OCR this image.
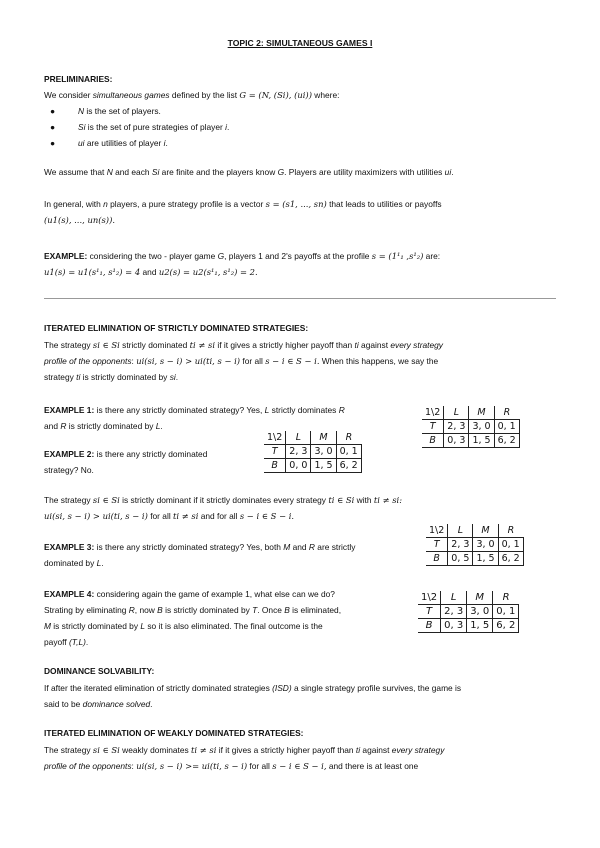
TOPIC 2: SIMULTANEOUS GAMES I
PRELIMINARIES:
We consider simultaneous games defined by the list G = (N, (Si), (ui)) where:
●	N is the set of players.
●	Si is the set of pure strategies of player i.
●	ui are utilities of player i.
We assume that N and each Si are finite and the players know G. Players are utility maximizers with utilities ui.
In general, with n players, a pure strategy profile is a vector s = (s1, ..., sn) that leads to utilities or payoffs
(u1(s), ..., un(s)).
EXAMPLE: considering the two - player game G, players 1 and 2's payoffs at the profile s = (1¹₁ ,s¹₂) are:
u1(s) = u1(s¹₁, s¹₂) = 4 and u2(s) = u2(s¹₁, s¹₂) = 2.
ITERATED ELIMINATION OF STRICTLY DOMINATED STRATEGIES:
The strategy si ∈ Si strictly dominated ti ≠ si if it gives a strictly higher payoff than ti against every strategy
profile of the opponents: ui(si, s − i) > ui(ti, s − i) for all s − i ∈ S − i. When this happens, we say the
strategy ti is strictly dominated by si.
EXAMPLE 1: is there any strictly dominated strategy? Yes, L strictly dominates R
and R is strictly dominated by L.
EXAMPLE 2: is there any strictly dominated
strategy? No.
The strategy si ∈ Si is strictly dominant if it strictly dominates every strategy ti ∈ Si with ti ≠ si:
ui(si, s − i) > ui(ti, s − i) for all ti ≠ si and for all s − i ∈ S − i.
EXAMPLE 3: is there any strictly dominated strategy? Yes, both M and R are strictly
dominated by L.
EXAMPLE 4: considering again the game of example 1, what else can we do?
Strating by eliminating R, now B is strictly dominated by T. Once B is eliminated,
M is strictly dominated by L so it is also eliminated. The final outcome is the
payoff (T,L).
DOMINANCE SOLVABILITY:
If after the iterated elimination of strictly dominated strategies (ISD) a single strategy profile survives, the game is
said to be dominance solved.
ITERATED ELIMINATION OF WEAKLY DOMINATED STRATEGIES:
The strategy si ∈ Si weakly dominates ti ≠ si if it gives a strictly higher payoff than ti against every strategy
profile of the opponents: ui(si, s − i) >= ui(ti, s − i) for all s − i ∈ S − i, and there is at least one
1\2	L	M	R
T	2, 3	3, 0	0, 1
B	0, 3	1, 5	6, 2
1\2	L	M	R
T	2, 3	3, 0	0, 1
B	0, 0	1, 5	6, 2
1\2	L	M	R
T	2, 3	3, 0	0, 1
B	0, 5	1, 5	6, 2
1\2	L	M	R
T	2, 3	3, 0	0, 1
B	0, 3	1, 5	6, 2
